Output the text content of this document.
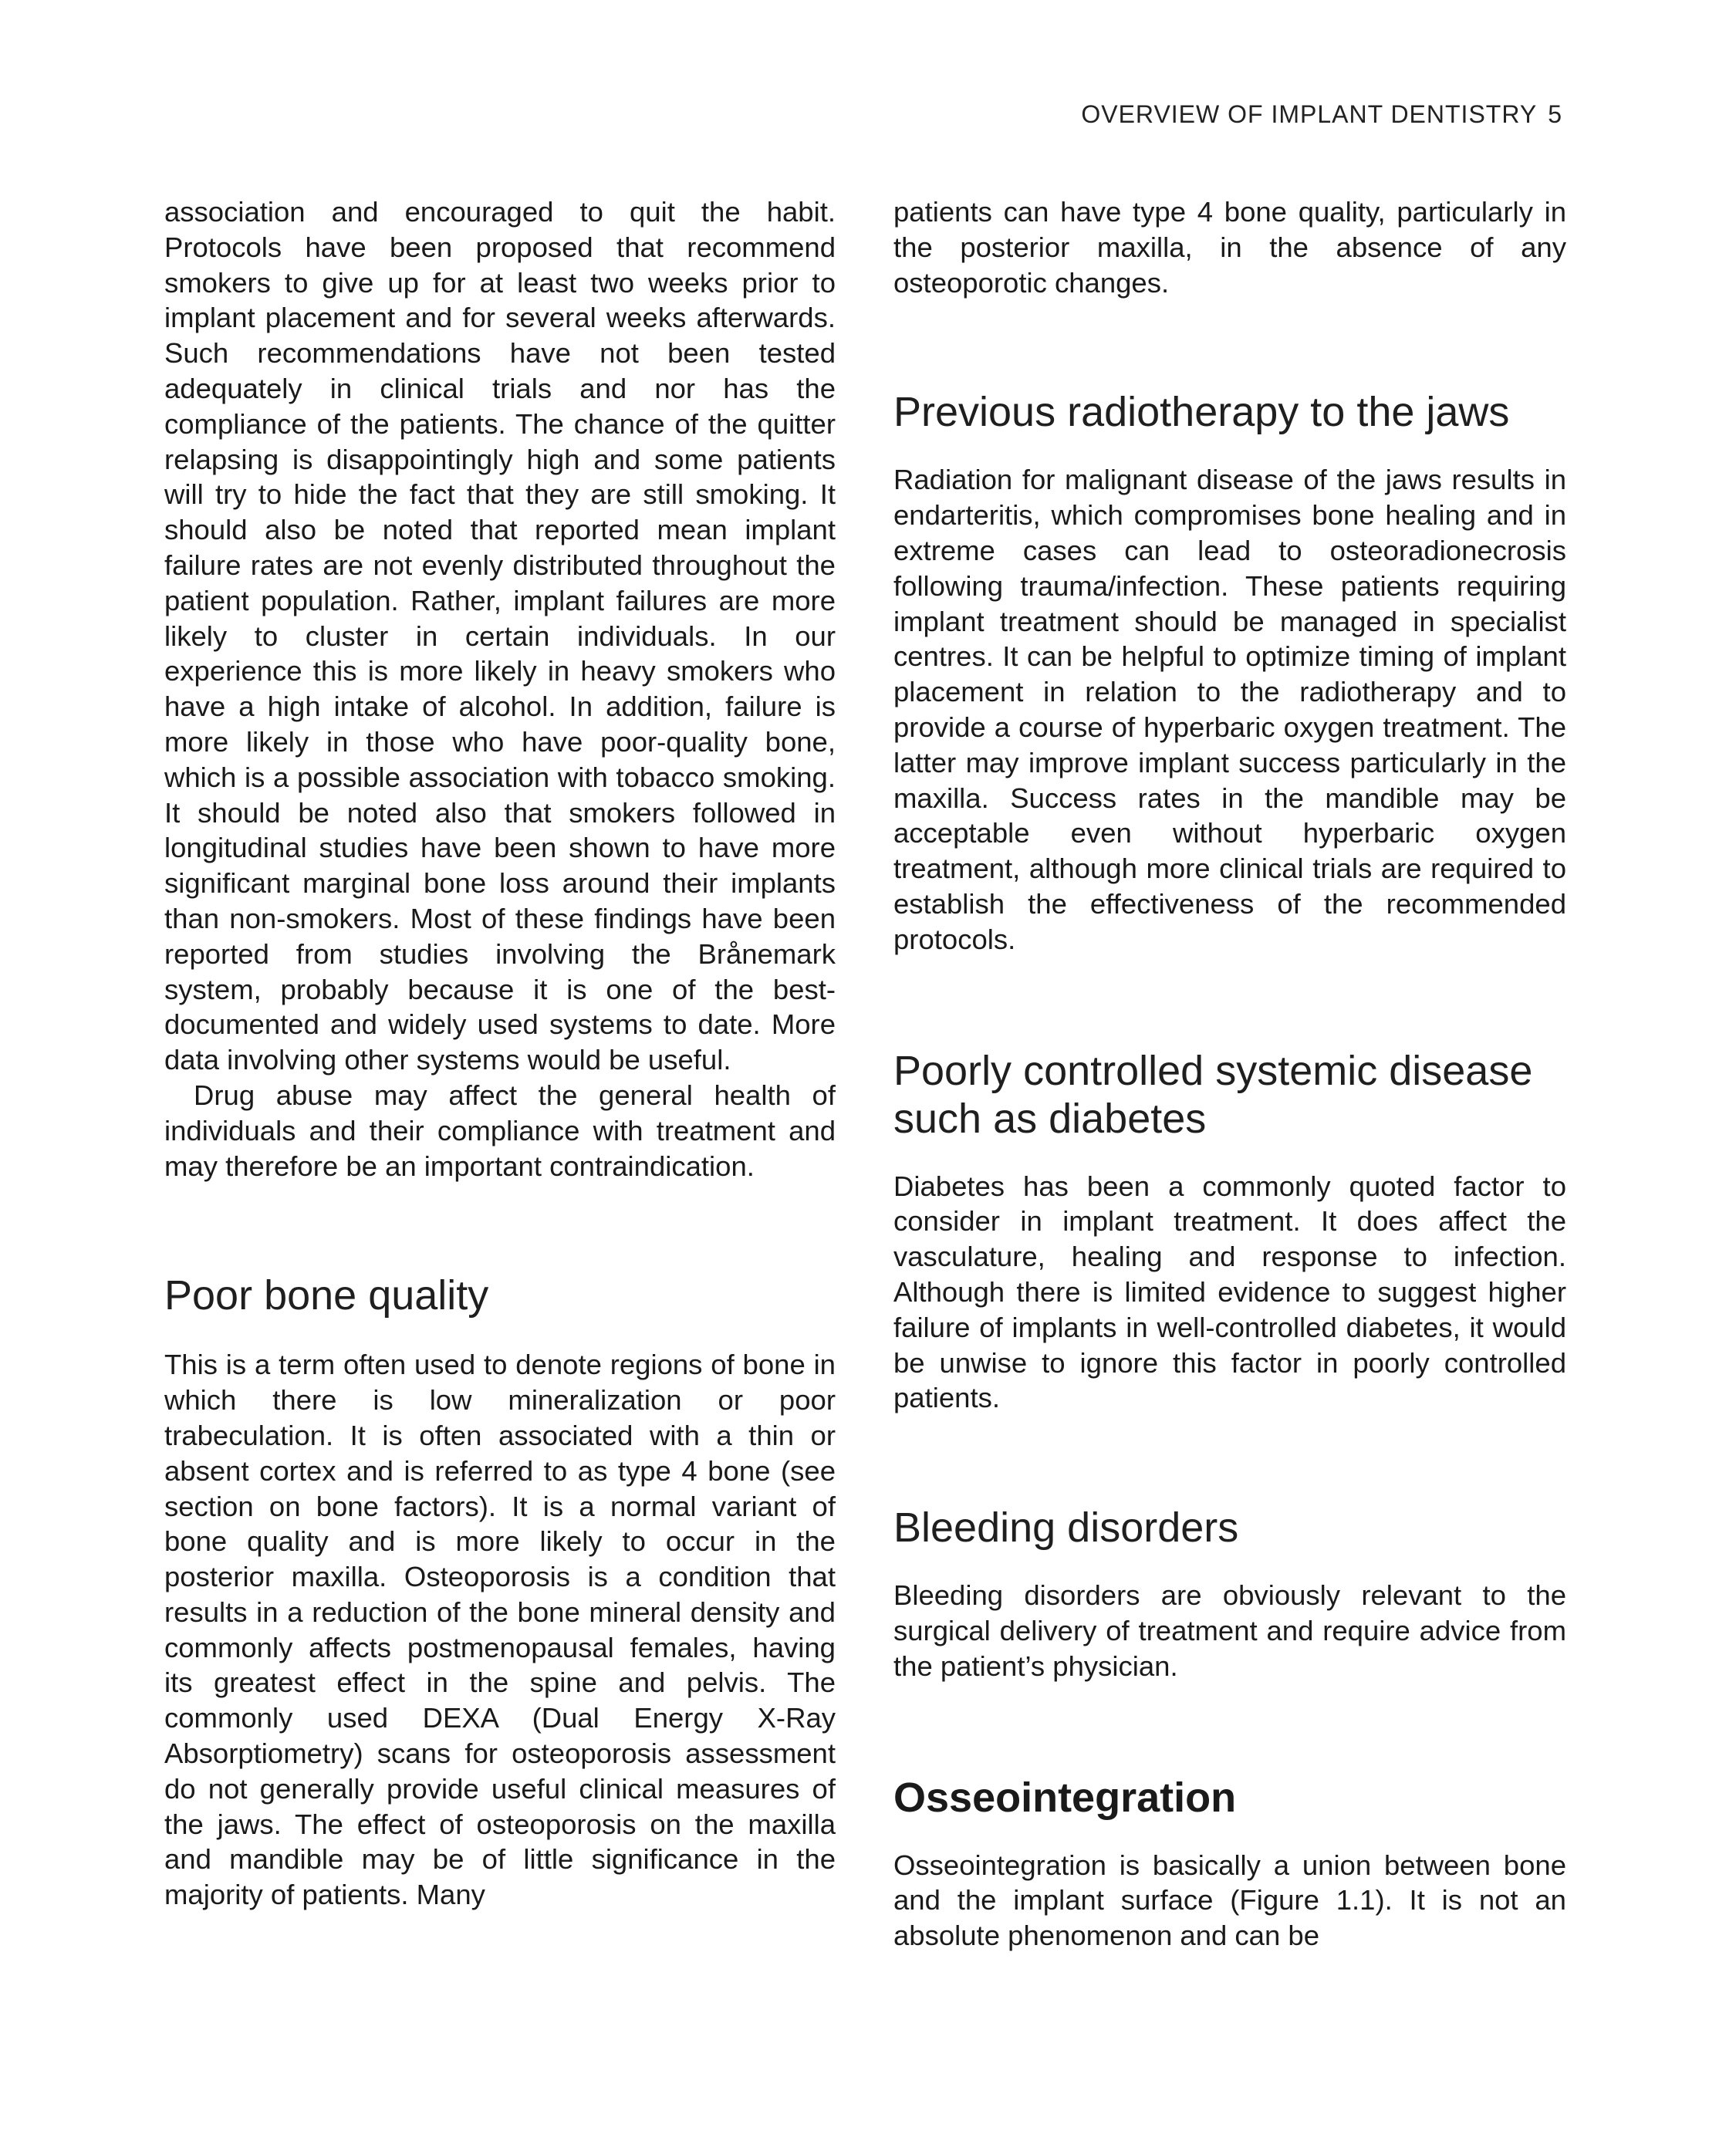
OVERVIEW OF IMPLANT DENTISTRY 5

association and encouraged to quit the habit. Protocols have been proposed that recommend smokers to give up for at least two weeks prior to implant placement and for several weeks afterwards. Such recommendations have not been tested adequately in clinical trials and nor has the compliance of the patients. The chance of the quitter relapsing is disappointingly high and some patients will try to hide the fact that they are still smoking. It should also be noted that reported mean implant failure rates are not evenly distributed throughout the patient population. Rather, implant failures are more likely to cluster in certain individuals. In our experience this is more likely in heavy smokers who have a high intake of alcohol. In addition, failure is more likely in those who have poor-quality bone, which is a possible association with tobacco smoking. It should be noted also that smokers followed in longitudinal studies have been shown to have more significant marginal bone loss around their implants than non-smokers. Most of these findings have been reported from studies involving the Brånemark system, probably because it is one of the best-documented and widely used systems to date. More data involving other systems would be useful.

Drug abuse may affect the general health of individuals and their compliance with treatment and may therefore be an important contraindication.

Poor bone quality

This is a term often used to denote regions of bone in which there is low mineralization or poor trabeculation. It is often associated with a thin or absent cortex and is referred to as type 4 bone (see section on bone factors). It is a normal variant of bone quality and is more likely to occur in the posterior maxilla. Osteoporosis is a condition that results in a reduction of the bone mineral density and commonly affects postmenopausal females, having its greatest effect in the spine and pelvis. The commonly used DEXA (Dual Energy X-Ray Absorptiometry) scans for osteoporosis assessment do not generally provide useful clinical measures of the jaws. The effect of osteoporosis on the maxilla and mandible may be of little significance in the majority of patients. Many

patients can have type 4 bone quality, particularly in the posterior maxilla, in the absence of any osteoporotic changes.

Previous radiotherapy to the jaws

Radiation for malignant disease of the jaws results in endarteritis, which compromises bone healing and in extreme cases can lead to osteoradionecrosis following trauma/infection. These patients requiring implant treatment should be managed in specialist centres. It can be helpful to optimize timing of implant placement in relation to the radiotherapy and to provide a course of hyperbaric oxygen treatment. The latter may improve implant success particularly in the maxilla. Success rates in the mandible may be acceptable even without hyperbaric oxygen treatment, although more clinical trials are required to establish the effectiveness of the recommended protocols.

Poorly controlled systemic disease such as diabetes

Diabetes has been a commonly quoted factor to consider in implant treatment. It does affect the vasculature, healing and response to infection. Although there is limited evidence to suggest higher failure of implants in well-controlled diabetes, it would be unwise to ignore this factor in poorly controlled patients.

Bleeding disorders

Bleeding disorders are obviously relevant to the surgical delivery of treatment and require advice from the patient’s physician.

Osseointegration

Osseointegration is basically a union between bone and the implant surface (Figure 1.1). It is not an absolute phenomenon and can be
